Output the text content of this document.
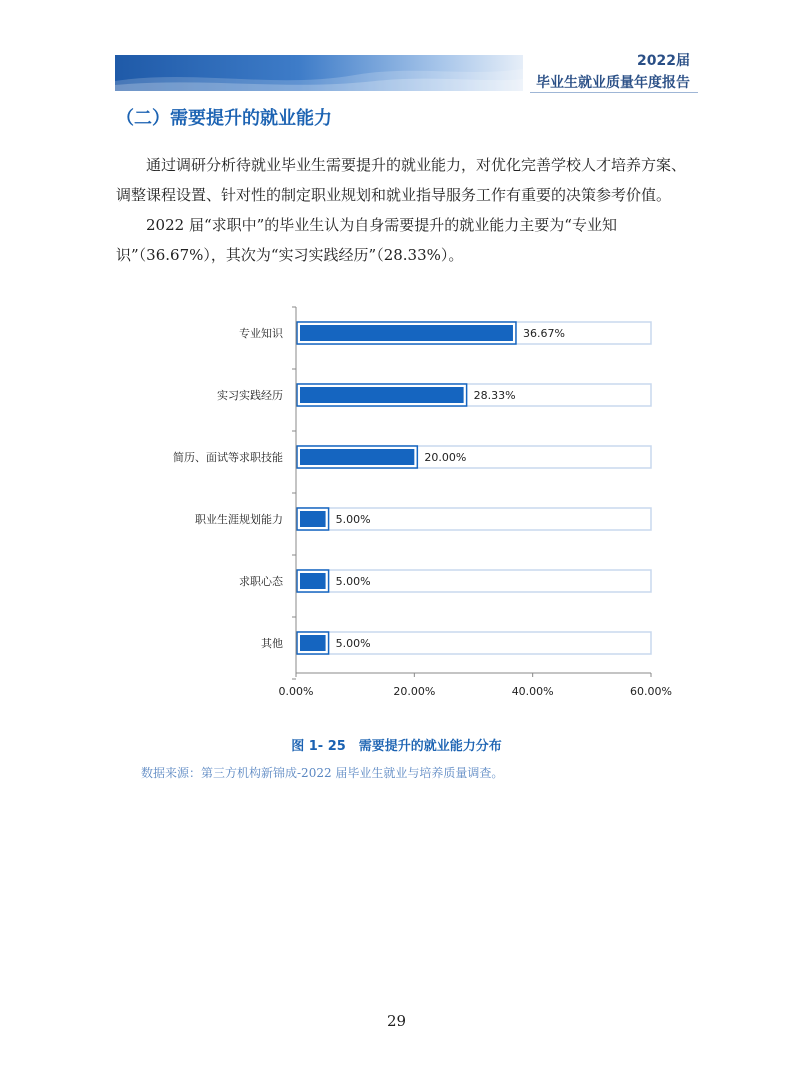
2022届
毕业生就业质量年度报告
（二）需要提升的就业能力
通过调研分析待就业毕业生需要提升的就业能力，对优化完善学校人才培养方案、调整课程设置、针对性的制定职业规划和就业指导服务工作有重要的决策参考价值。
2022 届“求职中”的毕业生认为自身需要提升的就业能力主要为“专业知识”（36.67%），其次为“实习实践经历”（28.33%）。
36.67%
专业知识
28.33%
实习实践经历
20.00%
简历、面试等求职技能
5.00%
职业生涯规划能力
5.00%
求职心态
5.00%
其他
0.00%	20.00%	40.00%	60.00%
图 1- 25　需要提升的就业能力分布
数据来源：第三方机构新锦成-2022 届毕业生就业与培养质量调查。
29
